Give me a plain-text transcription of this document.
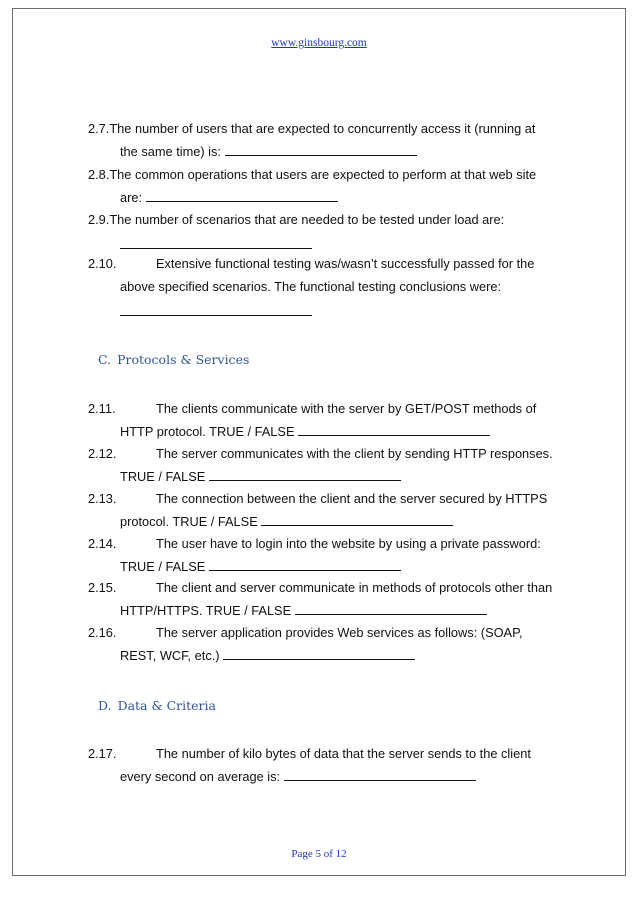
www.ginsbourg.com
2.7.The number of users that are expected to concurrently access it (running at
the same time) is:
2.8.The common operations that users are expected to perform at that web site
are:
2.9.The number of scenarios that are needed to be tested under load are:
2.10.	Extensive functional testing was/wasn’t successfully passed for the
above specified scenarios. The functional testing conclusions were:
C. Protocols & Services
2.11.	The clients communicate with the server by GET/POST methods of
HTTP protocol. TRUE / FALSE
2.12.	The server communicates with the client by sending HTTP responses.
TRUE / FALSE
2.13.	The connection between the client and the server secured by HTTPS
protocol. TRUE / FALSE
2.14.	The user have to login into the website by using a private password:
TRUE / FALSE
2.15.	The client and server communicate in methods of protocols other than
HTTP/HTTPS. TRUE / FALSE
2.16.	The server application provides Web services as follows: (SOAP,
REST, WCF, etc.)
D. Data & Criteria
2.17.	The number of kilo bytes of data that the server sends to the client
every second on average is:
Page 5 of 12
